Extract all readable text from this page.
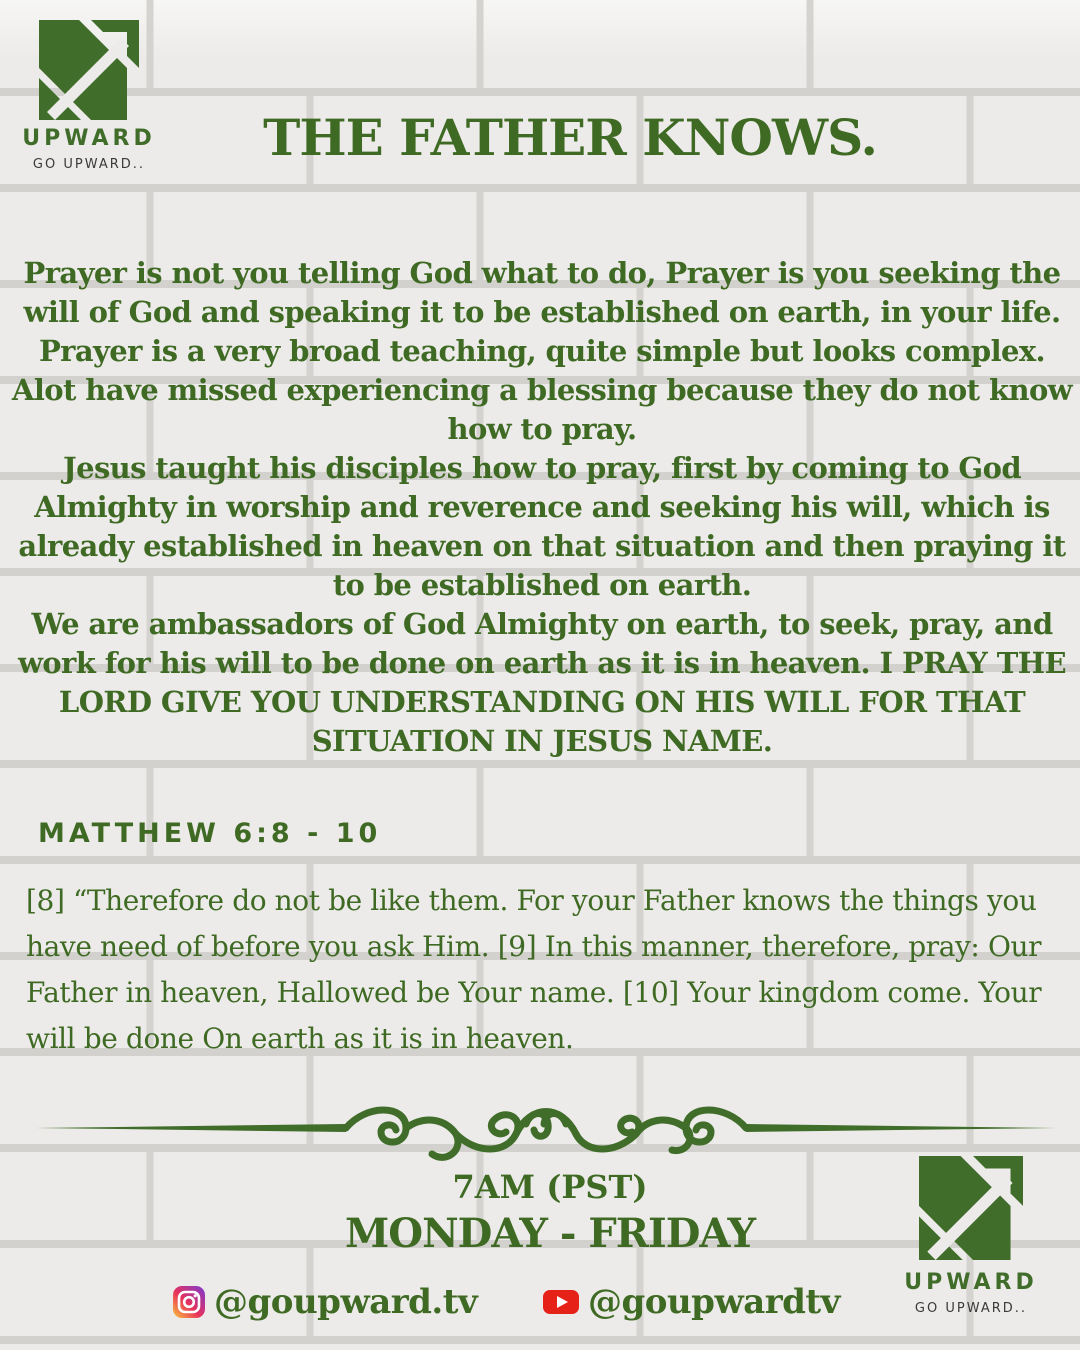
UPWARD
GO UPWARD..	THE FATHER KNOWS.

Prayer is not you telling God what to do, Prayer is you seeking the will of God and speaking it to be established on earth, in your life. Prayer is a very broad teaching, quite simple but looks complex. Alot have missed experiencing a blessing because they do not know how to pray.

Jesus taught his disciples how to pray, first by coming to God Almighty in worship and reverence and seeking his will, which is already established in heaven on that situation and then praying it to be established on earth.

We are ambassadors of God Almighty on earth, to seek, pray, and work for his will to be done on earth as it is in heaven. I PRAY THE LORD GIVE YOU UNDERSTANDING ON HIS WILL FOR THAT SITUATION IN JESUS NAME.

MATTHEW 6:8 - 10
[8] “Therefore do not be like them. For your Father knows the things you have need of before you ask Him. [9] In this manner, therefore, pray: Our Father in heaven, Hallowed be Your name. [10] Your kingdom come. Your will be done On earth as it is in heaven.
7AM (PST)
MONDAY - FRIDAY
@goupward.tv	@goupwardtv	UPWARD
GO UPWARD..
